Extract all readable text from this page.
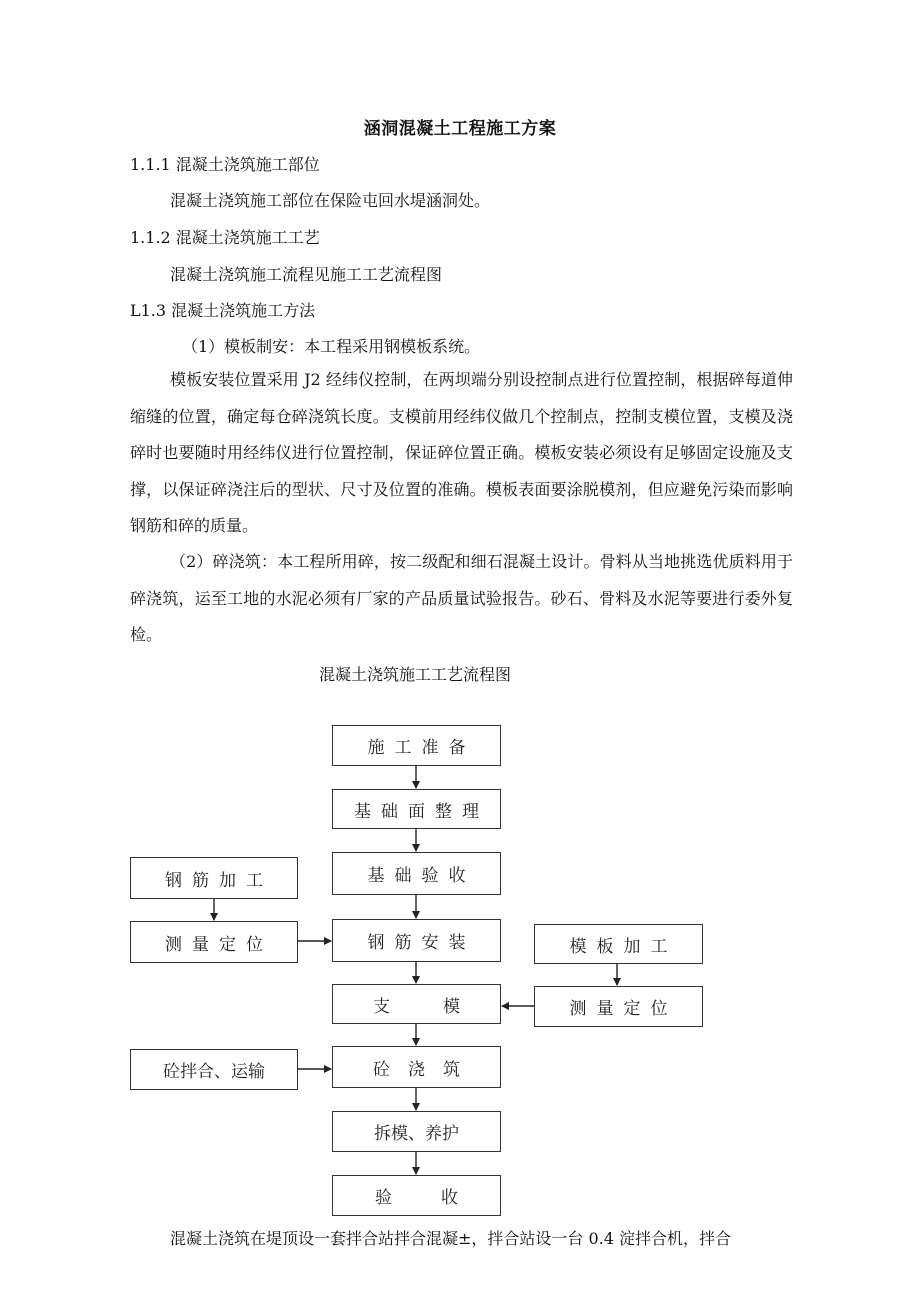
涵洞混凝土工程施工方案
1.1.1 混凝土浇筑施工部位
混凝土浇筑施工部位在保险屯回水堤涵洞处。
1.1.2 混凝土浇筑施工工艺
混凝土浇筑施工流程见施工工艺流程图
L1.3 混凝土浇筑施工方法
（1）模板制安：本工程采用钢模板系统。
模板安装位置采用 J2 经纬仪控制，在两坝端分别设控制点进行位置控制，根据碎每道伸缩缝的位置，确定每仓碎浇筑长度。支模前用经纬仪做几个控制点，控制支模位置，支模及浇碎时也要随时用经纬仪进行位置控制，保证碎位置正确。模板安装必须设有足够固定设施及支撑，以保证碎浇注后的型状、尺寸及位置的准确。模板表面要涂脱模剂，但应避免污染而影响钢筋和碎的质量。
（2）碎浇筑：本工程所用碎，按二级配和细石混凝土设计。骨料从当地挑选优质料用于碎浇筑，运至工地的水泥必须有厂家的产品质量试验报告。砂石、骨料及水泥等要进行委外复检。
混凝土浇筑施工工艺流程图
施工准备
基础面整理
基础验收
钢筋安装
支	模
砼 浇 筑
拆模、养护
验	收
钢筋加工
测量定位
砼拌合、运输
模板加工
测量定位
混凝土浇筑在堤顶设一套拌合站拌合混凝±，拌合站设一台 0.4 淀拌合机，拌合
